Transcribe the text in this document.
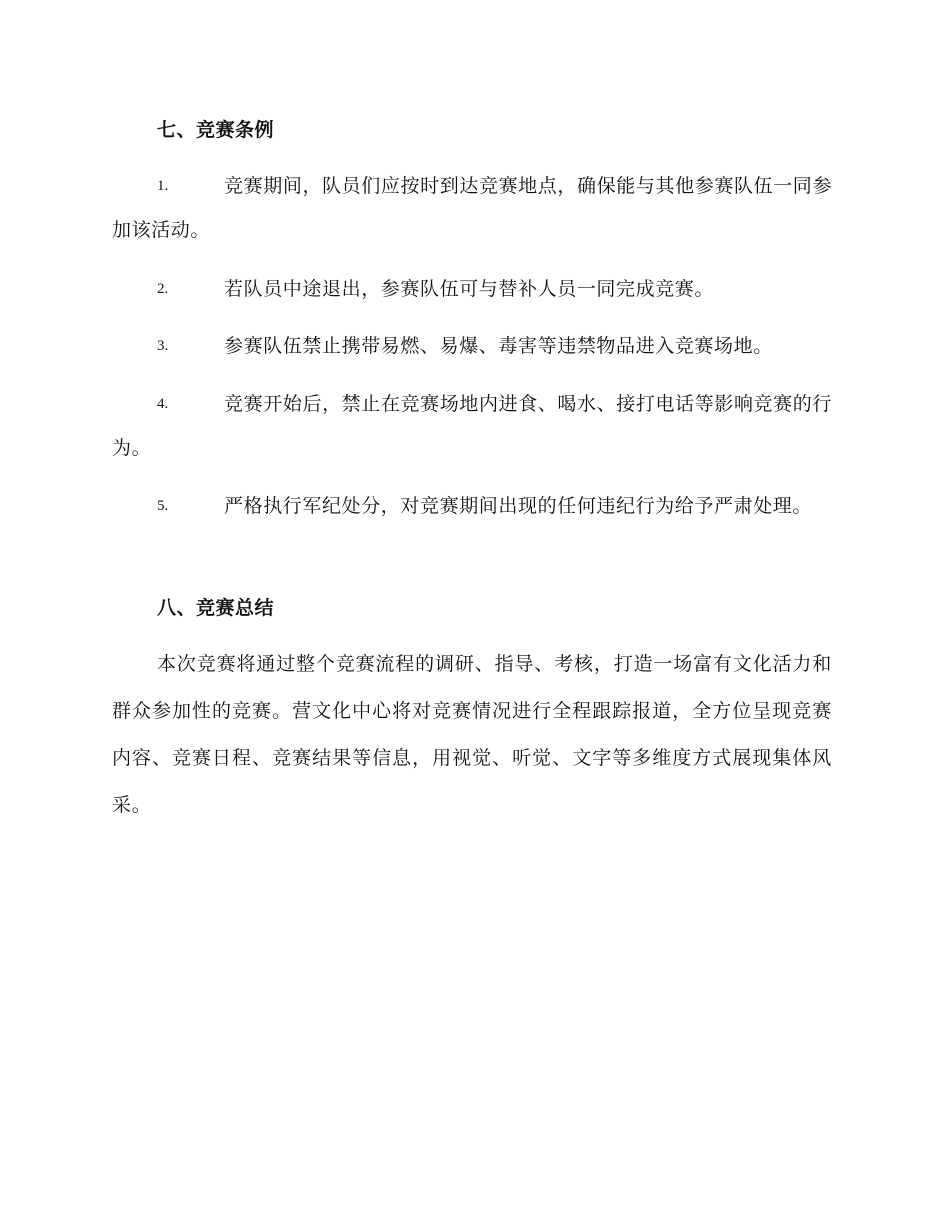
七、竞赛条例
1.	竞赛期间，队员们应按时到达竞赛地点，确保能与其他参赛队伍一同参加该活动。
2.	若队员中途退出，参赛队伍可与替补人员一同完成竞赛。
3.	参赛队伍禁止携带易燃、易爆、毒害等违禁物品进入竞赛场地。
4.	竞赛开始后，禁止在竞赛场地内进食、喝水、接打电话等影响竞赛的行为。
5.	严格执行军纪处分，对竞赛期间出现的任何违纪行为给予严肃处理。
八、竞赛总结
本次竞赛将通过整个竞赛流程的调研、指导、考核，打造一场富有文化活力和群众参加性的竞赛。营文化中心将对竞赛情况进行全程跟踪报道，全方位呈现竞赛内容、竞赛日程、竞赛结果等信息，用视觉、听觉、文字等多维度方式展现集体风采。
